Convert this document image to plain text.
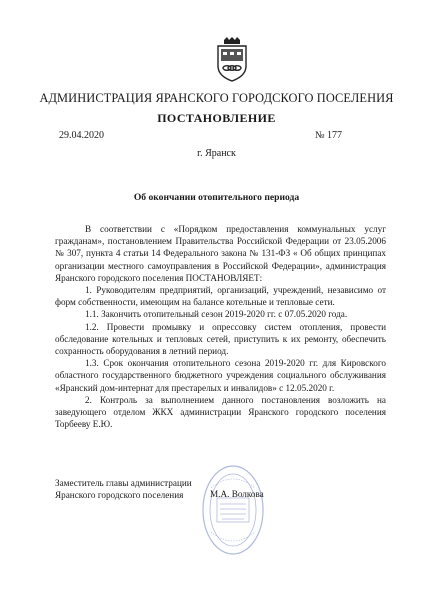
АДМИНИСТРАЦИЯ ЯРАНСКОГО ГОРОДСКОГО ПОСЕЛЕНИЯ
ПОСТАНОВЛЕНИЕ
29.04.2020	№ 177
г. Яранск
Об окончании отопительного периода

В соответствии с «Порядком предоставления коммунальных услуг гражданам», постановлением Правительства Российской Федерации от 23.05.2006 № 307, пункта 4 статьи 14 Федерального закона № 131-ФЗ « Об общих принципах организации местного самоуправления в Российской Федерации», администрация Яранского городского поселения ПОСТАНОВЛЯЕТ:

1. Руководителям предприятий, организаций, учреждений, независимо от форм собственности, имеющим на балансе котельные и тепловые сети.

1.1. Закончить отопительный сезон 2019-2020 гг. с 07.05.2020 года.

1.2. Провести промывку и опрессовку систем отопления, провести обследование котельных и тепловых сетей, приступить к их ремонту, обеспечить сохранность оборудования в летний период.

1.3. Срок окончания отопительного сезона 2019-2020 гг. для Кировского областного государственного бюджетного учреждения социального обслуживания «Яранский дом-интернат для престарелых и инвалидов» с 12.05.2020 г.

2. Контроль за выполнением данного постановления возложить на заведующего отделом ЖКХ администрации Яранского городского поселения Торбееву Е.Ю.

Заместитель главы администрации
Яранского городского поселения	М.А. Волкова
